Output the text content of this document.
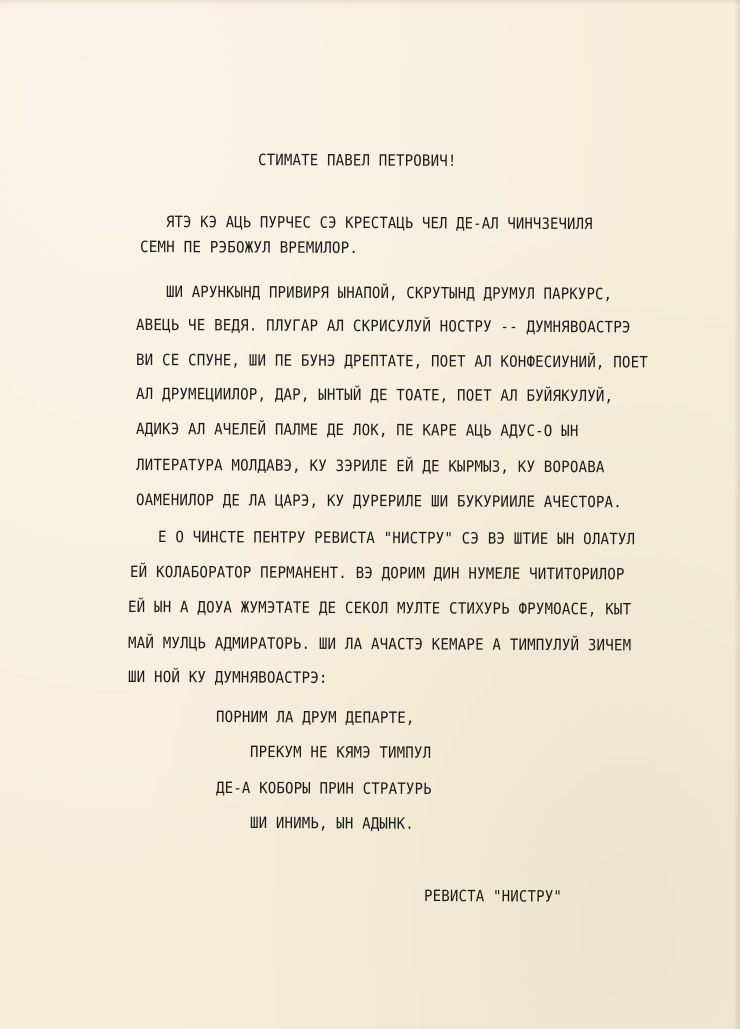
СТИМАТЕ ПАВЕЛ ПЕТРОВИЧ!
ЯТЭ КЭ АЦЬ ПУРЧЕС СЭ КРЕСТАЦЬ ЧЕЛ ДЕ-АЛ ЧИНЧЗЕЧИЛЯ
СЕМН ПЕ РЭБОЖУЛ ВРЕМИЛОР.
ШИ АРУНКЫНД ПРИВИРЯ ЫНАПОЙ, СКРУТЫНД ДРУМУЛ ПАРКУРС,
АВЕЦЬ ЧЕ ВЕДЯ. ПЛУГАР АЛ СКРИСУЛУЙ НОСТРУ -- ДУМНЯВОАСТРЭ
ВИ СЕ СПУНЕ, ШИ ПЕ БУНЭ ДРЕПТАТЕ, ПОЕТ АЛ КОНФЕСИУНИЙ, ПОЕТ
АЛ ДРУМЕЦИИЛОР, ДАР, ЫНТЫЙ ДЕ ТОАТЕ, ПОЕТ АЛ БУЙЯКУЛУЙ,
АДИКЭ АЛ АЧЕЛЕЙ ПАЛМЕ ДЕ ЛОК, ПЕ КАРЕ АЦЬ АДУС-О ЫН
ЛИТЕРАТУРА МОЛДАВЭ, КУ ЗЭРИЛЕ ЕЙ ДЕ КЫРМЫЗ, КУ ВОРОАВА
ОАМЕНИЛОР ДЕ ЛА ЦАРЭ, КУ ДУРЕРИЛЕ ШИ БУКУРИИЛЕ АЧЕСТОРА.
Е О ЧИНСТЕ ПЕНТРУ РЕВИСТА "НИСТРУ" СЭ ВЭ ШТИЕ ЫН ОЛАТУЛ
ЕЙ КОЛАБОРАТОР ПЕРМАНЕНТ. ВЭ ДОРИМ ДИН НУМЕЛЕ ЧИТИТОРИЛОР
ЕЙ ЫН А ДОУА ЖУМЭТАТЕ ДЕ СЕКОЛ МУЛТЕ СТИХУРЬ ФРУМОАСЕ, КЫТ
МАЙ МУЛЦЬ АДМИРАТОРЬ. ШИ ЛА АЧАСТЭ КЕМАРЕ А ТИМПУЛУЙ ЗИЧЕМ
ШИ НОЙ КУ ДУМНЯВОАСТРЭ:
ПОРНИМ ЛА ДРУМ ДЕПАРТЕ,
ПРЕКУМ НЕ КЯМЭ ТИМПУЛ
ДЕ-А КОБОРЫ ПРИН СТРАТУРЬ
ШИ ИНИМЬ, ЫН АДЫНК.
РЕВИСТА "НИСТРУ"
